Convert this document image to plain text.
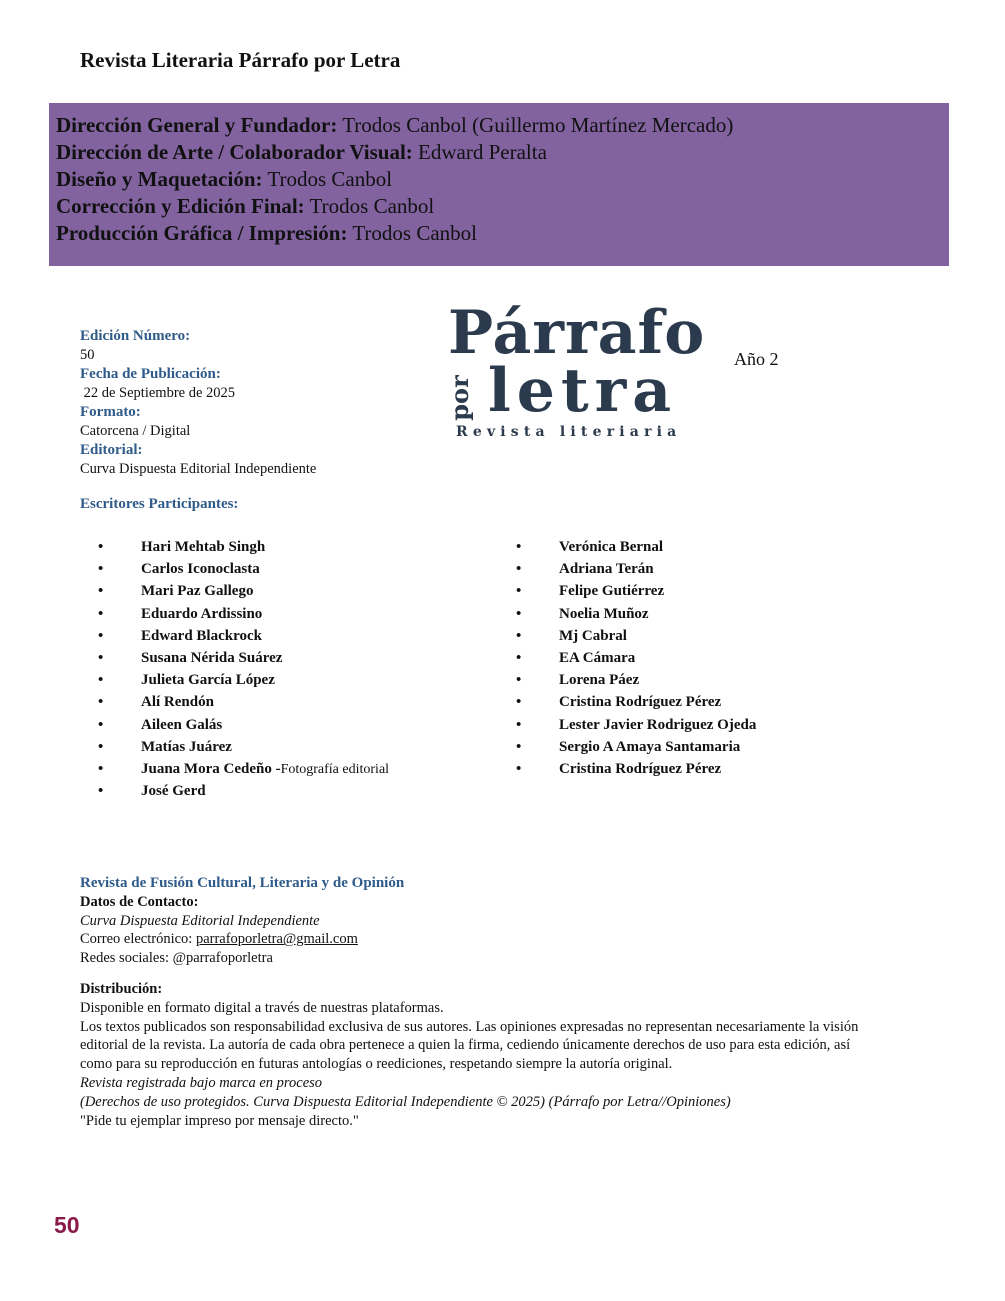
Revista Literaria Párrafo por Letra
Dirección General y Fundador: Trodos Canbol (Guillermo Martínez Mercado)
Dirección de Arte / Colaborador Visual: Edward Peralta
Diseño y Maquetación: Trodos Canbol
Corrección y Edición Final: Trodos Canbol
Producción Gráfica / Impresión: Trodos Canbol
Edición Número:
50
Fecha de Publicación:
22 de Septiembre de 2025
Formato:
Catorcena / Digital
Editorial:
Curva Dispuesta Editorial Independiente
Párrafo
por letra
Revista literiaria
Año 2
Escritores Participantes:
•	Hari Mehtab Singh
•	Carlos Iconoclasta
•	Mari Paz Gallego
•	Eduardo Ardissino
•	Edward Blackrock
•	Susana Nérida Suárez
•	Julieta García López
•	Alí Rendón
•	Aileen Galás
•	Matías Juárez
•	Juana Mora Cedeño -Fotografía editorial
•	José Gerd
•	Verónica Bernal
•	Adriana Terán
•	Felipe Gutiérrez
•	Noelia Muñoz
•	Mj Cabral
•	EA Cámara
•	Lorena Páez
•	Cristina Rodríguez Pérez
•	Lester Javier Rodriguez Ojeda
•	Sergio A Amaya Santamaria
•	Cristina Rodríguez Pérez
Revista de Fusión Cultural, Literaria y de Opinión
Datos de Contacto:
Curva Dispuesta Editorial Independiente
Correo electrónico: parrafoporletra@gmail.com
Redes sociales: @parrafoporletra
Distribución:
Disponible en formato digital a través de nuestras plataformas.
Los textos publicados son responsabilidad exclusiva de sus autores. Las opiniones expresadas no representan necesariamente la visión editorial de la revista. La autoría de cada obra pertenece a quien la firma, cediendo únicamente derechos de uso para esta edición, así como para su reproducción en futuras antologías o reediciones, respetando siempre la autoría original.
Revista registrada bajo marca en proceso
(Derechos de uso protegidos. Curva Dispuesta Editorial Independiente © 2025) (Párrafo por Letra//Opiniones)
"Pide tu ejemplar impreso por mensaje directo."
50
